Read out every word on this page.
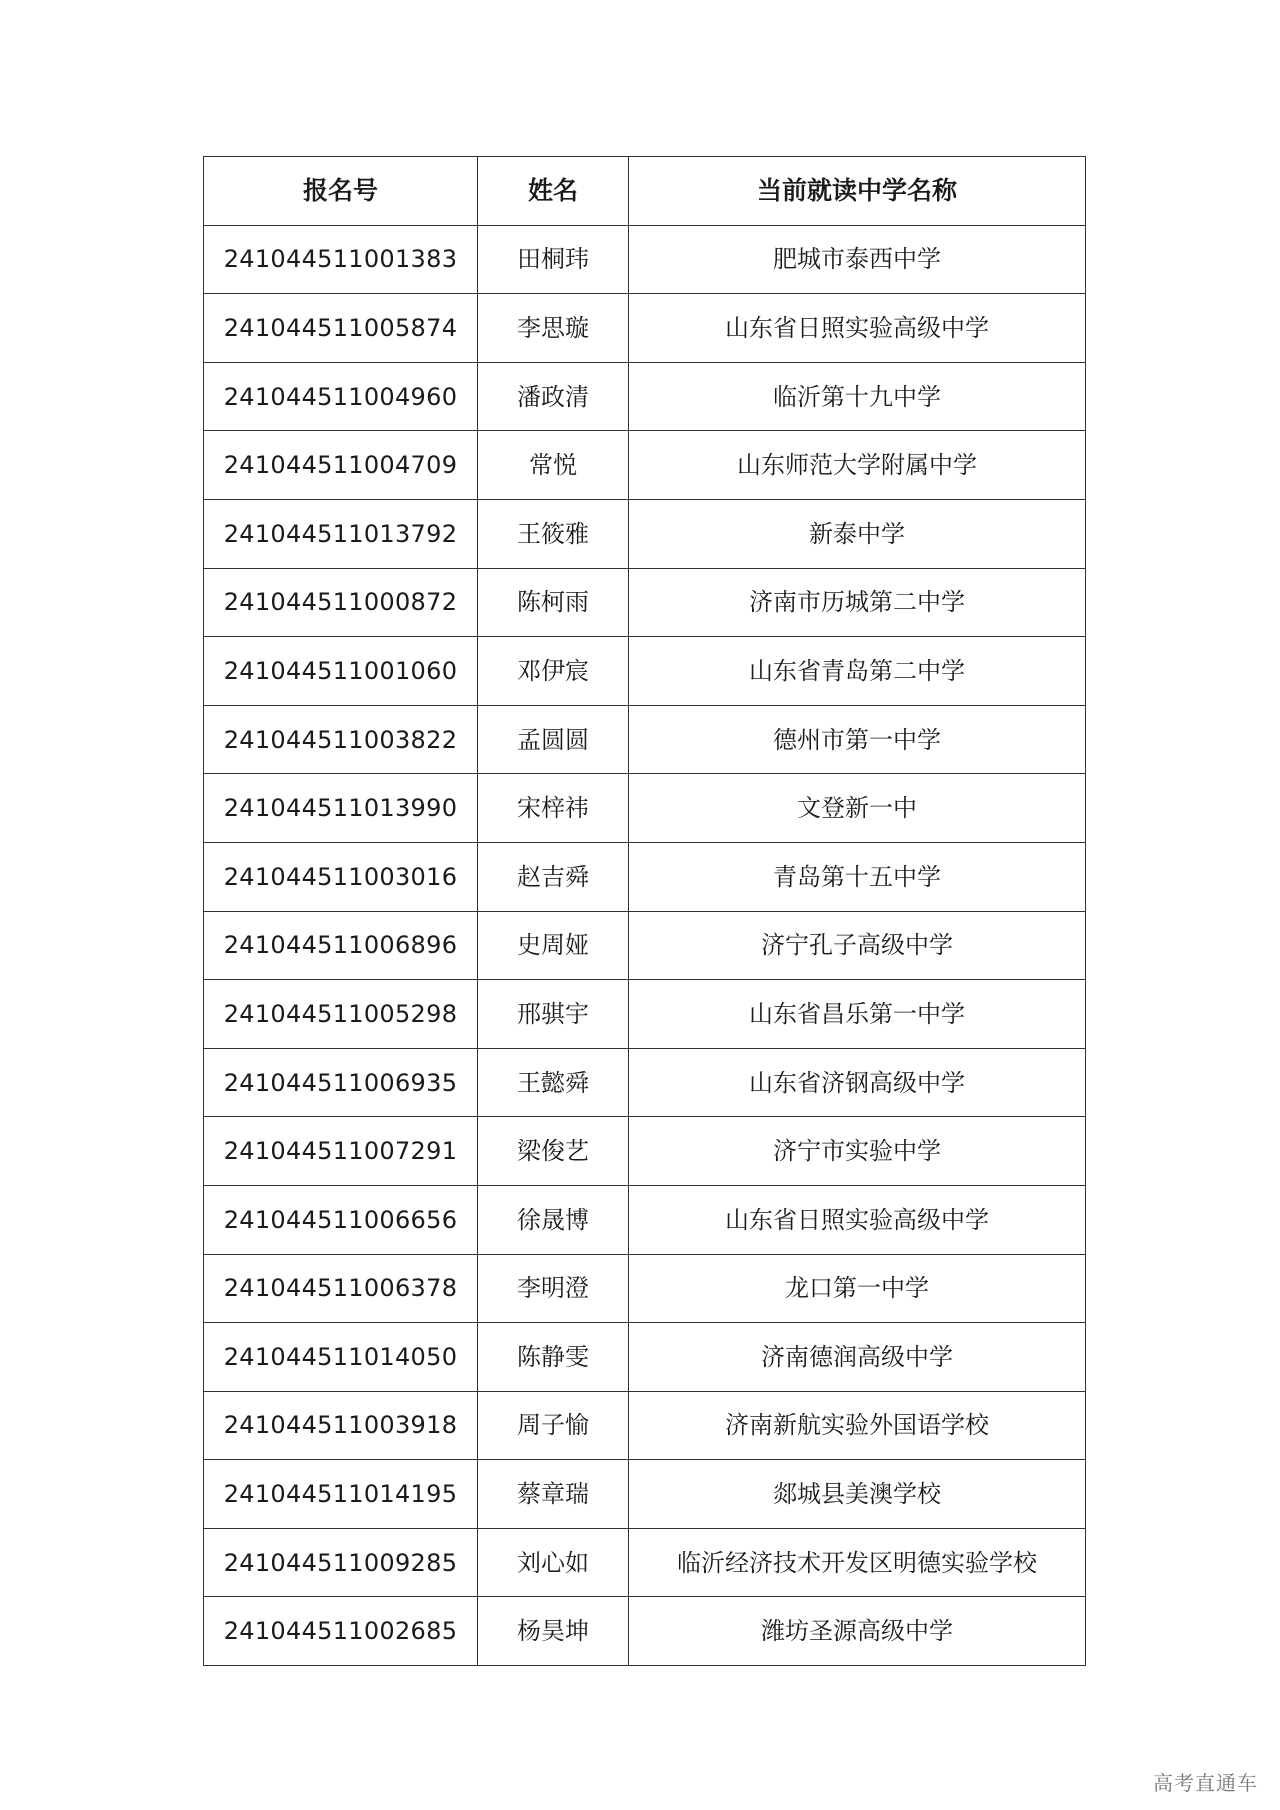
报名号	姓名	当前就读中学名称
241044511001383	田桐玮	肥城市泰西中学
241044511005874	李思璇	山东省日照实验高级中学
241044511004960	潘政清	临沂第十九中学
241044511004709	常悦	山东师范大学附属中学
241044511013792	王筱雅	新泰中学
241044511000872	陈柯雨	济南市历城第二中学
241044511001060	邓伊宸	山东省青岛第二中学
241044511003822	孟圆圆	德州市第一中学
241044511013990	宋梓祎	文登新一中
241044511003016	赵吉舜	青岛第十五中学
241044511006896	史周娅	济宁孔子高级中学
241044511005298	邢骐宇	山东省昌乐第一中学
241044511006935	王懿舜	山东省济钢高级中学
241044511007291	梁俊艺	济宁市实验中学
241044511006656	徐晟博	山东省日照实验高级中学
241044511006378	李明澄	龙口第一中学
241044511014050	陈静雯	济南德润高级中学
241044511003918	周子愉	济南新航实验外国语学校
241044511014195	蔡章瑞	郯城县美澳学校
241044511009285	刘心如	临沂经济技术开发区明德实验学校
241044511002685	杨昊坤	潍坊圣源高级中学
高考直通车
